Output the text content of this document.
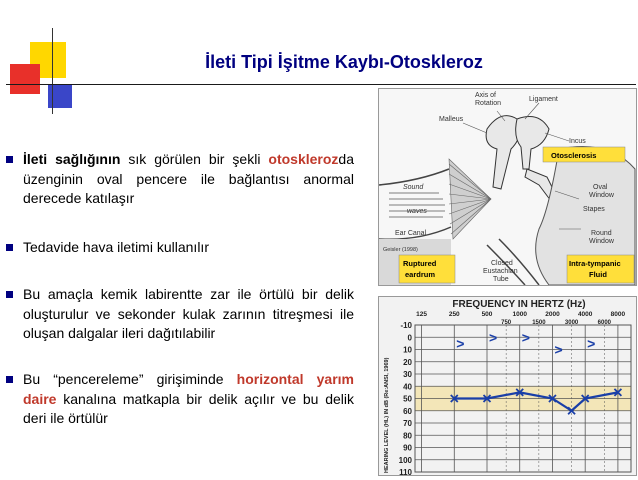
İleti Tipi İşitme Kaybı-Otoskleroz
İleti sağlığının sık görülen bir şekli otosklerozda üzenginin oval pencere ile bağlantısı anormal derecede katılaşır
Tedavide hava iletimi kullanılır
Bu amaçla kemik labirentte zar ile örtülü bir delik oluşturulur ve sekonder kulak zarının titreşmesi ile oluşan dalgalar ileri dağıtılabilir
Bu “pencereleme” girişiminde horizontal yarım daire kanalına matkapla bir delik açılır ve bu delik deri ile örtülür
Axis of
Rotation
Ligament
Malleus
Incus
Sound
waves
Oval
Window
Stapes
Ear Canal	Round
Window
Closed
Eustachian
Tube
Otosclerosis
Ruptured
eardrum
Intra-tympanic
Fluid
Geisler (1998)
FREQUENCY IN HERTZ (Hz)
HEARING LEVEL (HL) IN dB (Re:ANSI, 1969)
-10
0
10
20
30
40
50
60
70
80
90
100
110
125	250	500	1000	2000	4000	8000
750	1500	3000	6000
> > >
> >
